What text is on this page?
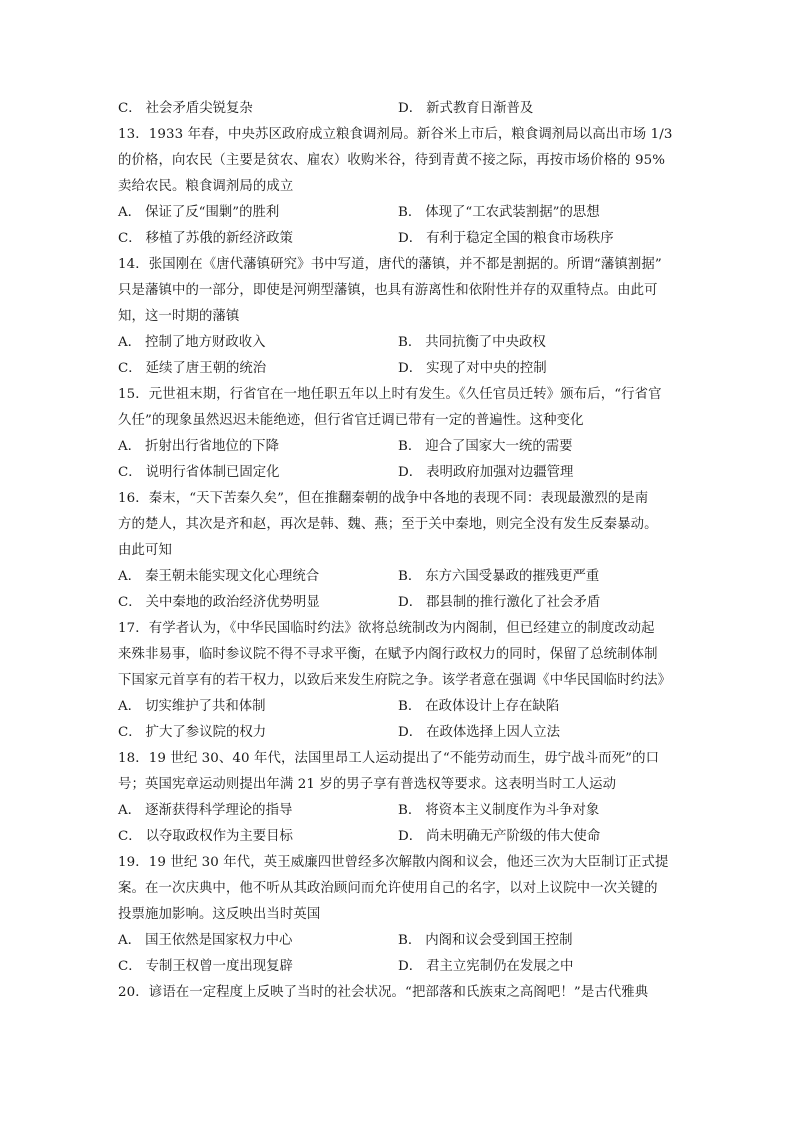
C． 社会矛盾尖锐复杂	D． 新式教育日渐普及
13．1933 年春，中央苏区政府成立粮食调剂局。新谷米上市后，粮食调剂局以高出市场 1/3
的价格，向农民（主要是贫农、雇农）收购米谷，待到青黄不接之际，再按市场价格的 95%
卖给农民。粮食调剂局的成立
A． 保证了反“围剿”的胜利	B． 体现了“工农武装割据”的思想
C． 移植了苏俄的新经济政策	D． 有利于稳定全国的粮食市场秩序
14．张国刚在《唐代藩镇研究》书中写道，唐代的藩镇，并不都是割据的。所谓“藩镇割据”
只是藩镇中的一部分，即使是河朔型藩镇，也具有游离性和依附性并存的双重特点。由此可
知，这一时期的藩镇
A． 控制了地方财政收入	B． 共同抗衡了中央政权
C． 延续了唐王朝的统治	D． 实现了对中央的控制
15．元世祖末期，行省官在一地任职五年以上时有发生。《久任官员迁转》颁布后，“行省官
久任”的现象虽然迟迟未能绝迹，但行省官迁调已带有一定的普遍性。这种变化
A． 折射出行省地位的下降	B． 迎合了国家大一统的需要
C． 说明行省体制已固定化	D． 表明政府加强对边疆管理
16．秦末，“天下苦秦久矣”，但在推翻秦朝的战争中各地的表现不同：表现最激烈的是南
方的楚人，其次是齐和赵，再次是韩、魏、燕；至于关中秦地，则完全没有发生反秦暴动。
由此可知
A． 秦王朝未能实现文化心理统合	B． 东方六国受暴政的摧残更严重
C． 关中秦地的政治经济优势明显	D． 郡县制的推行激化了社会矛盾
17．有学者认为，《中华民国临时约法》欲将总统制改为内阁制，但已经建立的制度改动起
来殊非易事，临时参议院不得不寻求平衡，在赋予内阁行政权力的同时，保留了总统制体制
下国家元首享有的若干权力，以致后来发生府院之争。该学者意在强调《中华民国临时约法》
A． 切实维护了共和体制	B． 在政体设计上存在缺陷
C． 扩大了参议院的权力	D． 在政体选择上因人立法
18．19 世纪 30、40 年代，法国里昂工人运动提出了“不能劳动而生，毋宁战斗而死”的口
号；英国宪章运动则提出年满 21 岁的男子享有普选权等要求。这表明当时工人运动
A． 逐渐获得科学理论的指导	B． 将资本主义制度作为斗争对象
C． 以夺取政权作为主要目标	D． 尚未明确无产阶级的伟大使命
19．19 世纪 30 年代，英王威廉四世曾经多次解散内阁和议会，他还三次为大臣制订正式提
案。在一次庆典中，他不听从其政治顾问而允许使用自己的名字，以对上议院中一次关键的
投票施加影响。这反映出当时英国
A． 国王依然是国家权力中心	B． 内阁和议会受到国王控制
C． 专制王权曾一度出现复辟	D． 君主立宪制仍在发展之中
20．谚语在一定程度上反映了当时的社会状况。“把部落和氏族束之高阁吧！”是古代雅典
